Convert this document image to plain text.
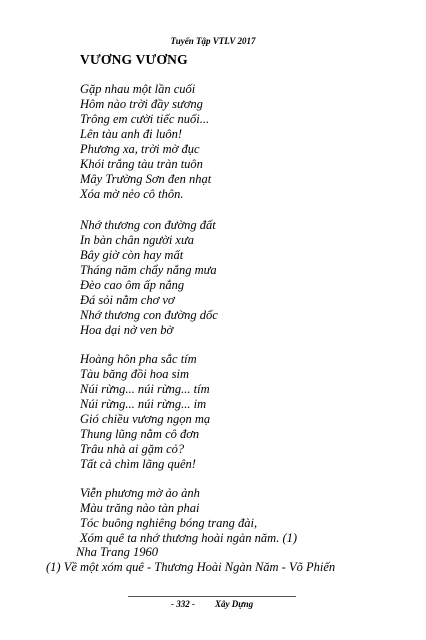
Tuyển Tập VTLV 2017
VƯƠNG VƯƠNG
Gặp nhau một lần cuối
Hôm nào trời đầy sương
Trông em cười tiếc nuối...
Lên tàu anh đi luôn!
Phương xa, trời mờ đục
Khói trắng tàu tràn tuôn
Mây Trường Sơn đen nhạt
Xóa mờ nẻo cô thôn.
Nhớ thương con đường đất
In bàn chân người xưa
Bây giờ còn hay mất
Tháng năm chẩy nắng mưa
Đèo cao ôm ấp nắng
Đá sỏi nằm chơ vơ
Nhớ thương con đường dốc
Hoa dại nở ven bờ
Hoàng hôn pha sắc tím
Tàu băng đồi hoa sim
Núi rừng... núi rừng... tím
Núi rừng... núi rừng... im
Gió chiều vương ngọn mạ
Thung lũng nằm cô đơn
Trâu nhà ai gặm cỏ?
Tất cả chìm lãng quên!
Viễn phương mờ ảo ảnh
Màu trăng nào tàn phai
Tóc buông nghiêng bóng trang đài,
Xóm quê ta nhớ thương hoài ngàn năm. (1)
Nha Trang 1960
(1) Về một xóm quê - Thương Hoài Ngàn Năm - Võ Phiến
- 332 - Xây Dựng
